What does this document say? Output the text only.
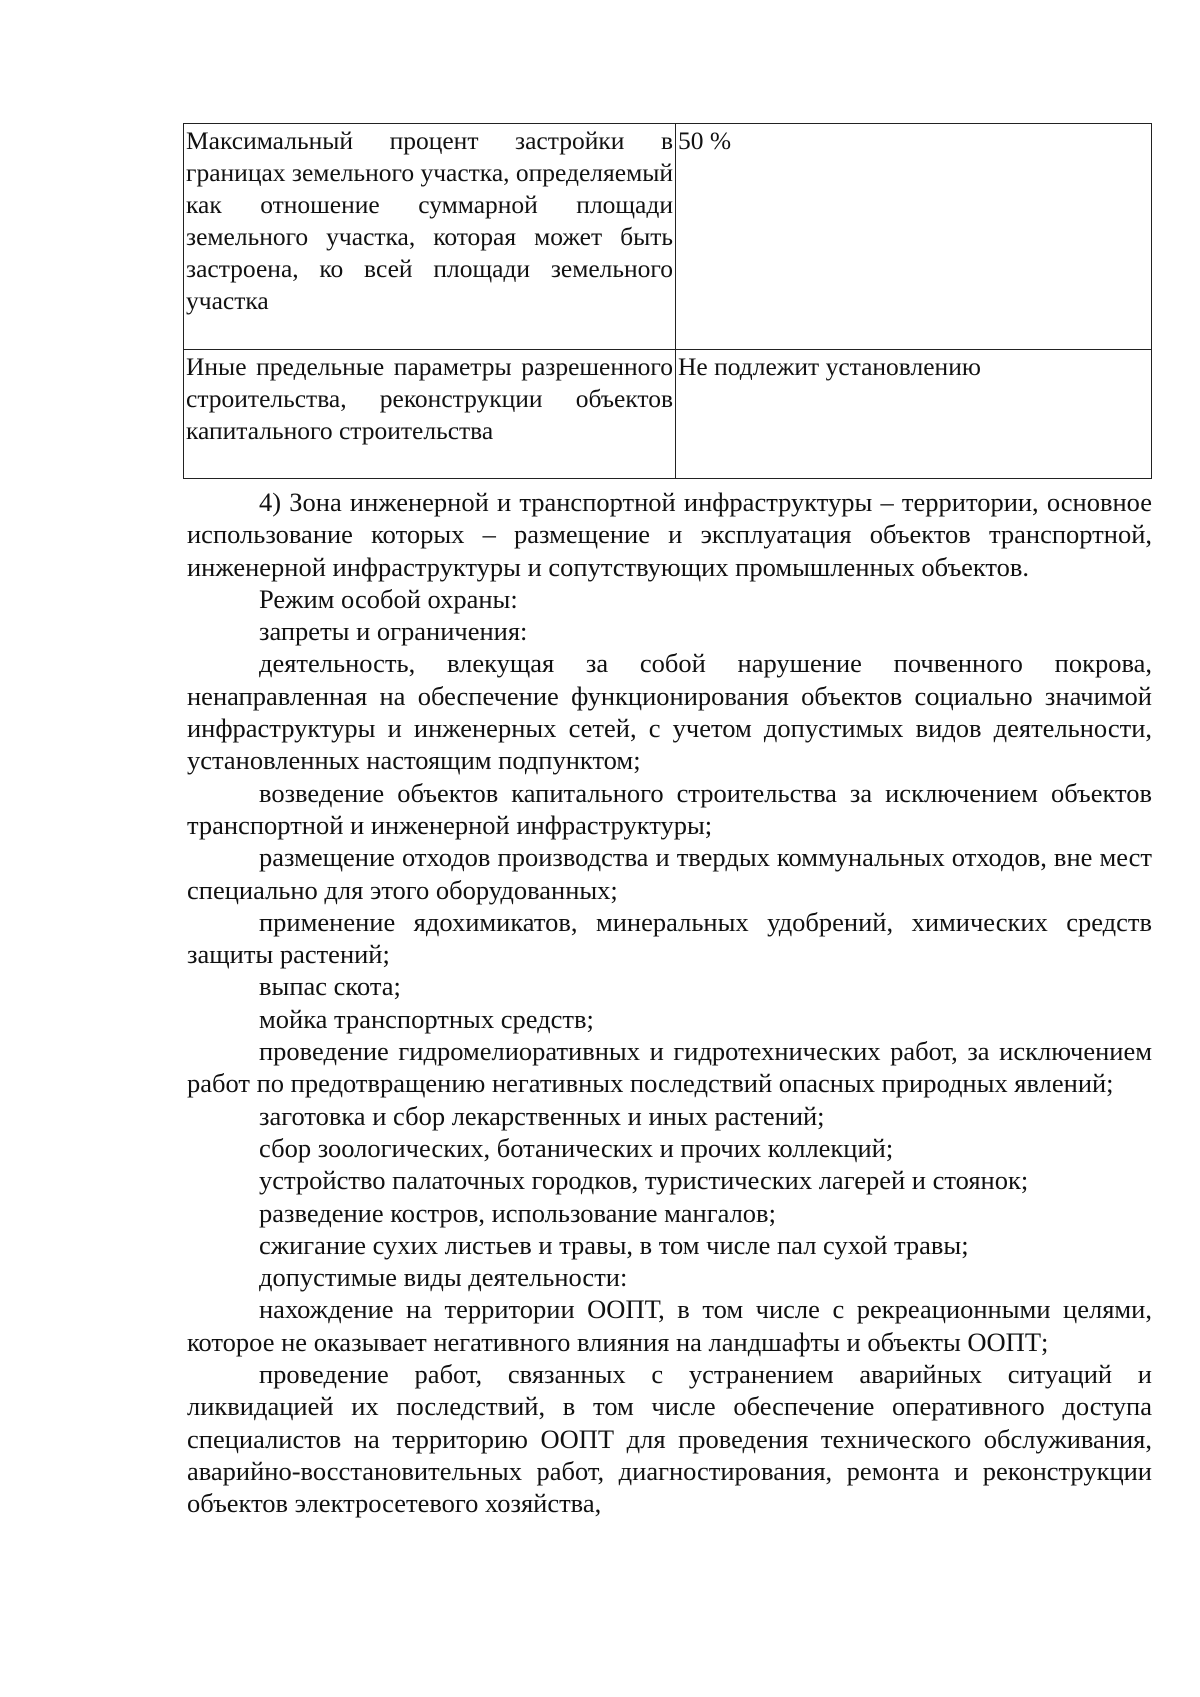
Максимальный процент застройки в границах земельного участка, определяемый как отношение суммарной площади земельного участка, которая может быть застроена, ко всей площади земельного участка	50 %
Иные предельные параметры разрешенного строительства, реконструкции объектов капитального строительства	Не подлежит установлению

4) Зона инженерной и транспортной инфраструктуры – территории, основное использование которых – размещение и эксплуатация объектов транспортной, инженерной инфраструктуры и сопутствующих промышленных объектов.

Режим особой охраны:

запреты и ограничения:

деятельность, влекущая за собой нарушение почвенного покрова, ненаправленная на обеспечение функционирования объектов социально значимой инфраструктуры и инженерных сетей, с учетом допустимых видов деятельности, установленных настоящим подпунктом;

возведение объектов капитального строительства за исключением объектов транспортной и инженерной инфраструктуры;

размещение отходов производства и твердых коммунальных отходов, вне мест специально для этого оборудованных;

применение ядохимикатов, минеральных удобрений, химических средств защиты растений;

выпас скота;

мойка транспортных средств;

проведение гидромелиоративных и гидротехнических работ, за исключением работ по предотвращению негативных последствий опасных природных явлений;

заготовка и сбор лекарственных и иных растений;

сбор зоологических, ботанических и прочих коллекций;

устройство палаточных городков, туристических лагерей и стоянок;

разведение костров, использование мангалов;

сжигание сухих листьев и травы, в том числе пал сухой травы;

допустимые виды деятельности:

нахождение на территории ООПТ, в том числе с рекреационными целями, которое не оказывает негативного влияния на ландшафты и объекты ООПТ;

проведение работ, связанных с устранением аварийных ситуаций и ликвидацией их последствий, в том числе обеспечение оперативного доступа специалистов на территорию ООПТ для проведения технического обслуживания, аварийно-восстановительных работ, диагностирования, ремонта и реконструкции объектов электросетевого хозяйства,
